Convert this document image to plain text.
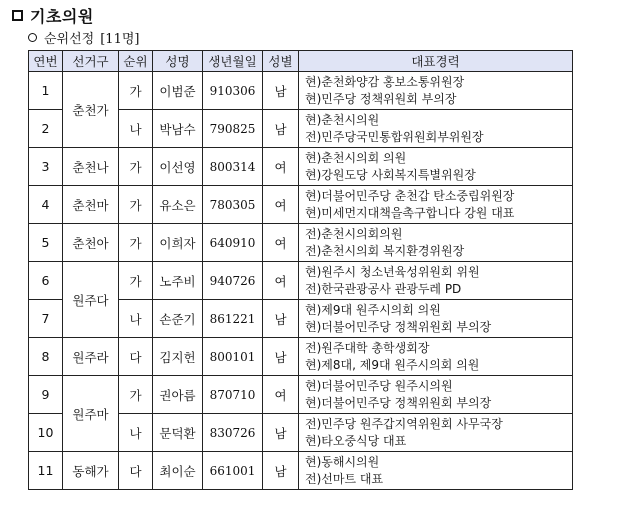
기초의원
순위선정 [11명]
연번	선거구	순위	성명	생년월일	성별	대표경력
1	춘천가	가	이범준	910306	남	현)춘천화양감 홍보소통위원장
현)민주당 정책위원회 부의장

2		나	박남수	790825	남	현)춘천시의원
전)민주당국민통합위원회부위원장

3	춘천나	가	이선영	800314	여	현)춘천시의회 의원
현)강원도당 사회복지특별위원장

4	춘천마	가	유소은	780305	여	현)더불어민주당 춘천갑 탄소중립위원장
현)미세먼지대책을촉구합니다 강원 대표

5	춘천아	가	이희자	640910	여	전)춘천시의회의원
전)춘천시의회 복지환경위원장

6	원주다	가	노주비	940726	여	현)원주시 청소년육성위원회 위원
전)한국관광공사 관광두레 PD

7		나	손준기	861221	남	현)제9대 원주시의회 의원
현)더불어민주당 정책위원회 부의장

8	원주라	다	김지헌	800101	남	전)원주대학 총학생회장
현)제8대, 제9대 원주시의회 의원

9	원주마	가	권아름	870710	여	현)더불어민주당 원주시의원
현)더불어민주당 정책위원회 부의장

10		나	문덕환	830726	남	전)민주당 원주갑지역위원회 사무국장
현)타오중식당 대표

11	동해가	다	최이순	661001	남	현)동해시의원
전)선마트 대표
